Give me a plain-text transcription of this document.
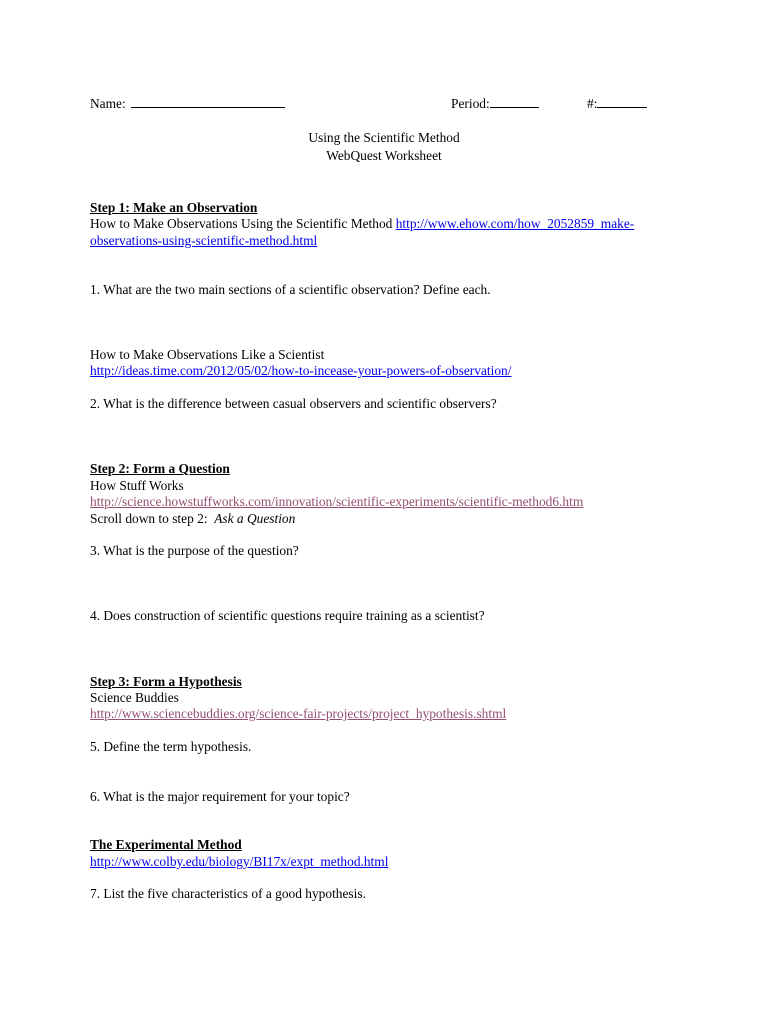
Name:	Period:	#:
Using the Scientific Method
WebQuest Worksheet
Step 1: Make an Observation
How to Make Observations Using the Scientific Method http://www.ehow.com/how_2052859_make-
observations-using-scientific-method.html
1. What are the two main sections of a scientific observation? Define each.
How to Make Observations Like a Scientist
http://ideas.time.com/2012/05/02/how-to-incease-your-powers-of-observation/
2. What is the difference between casual observers and scientific observers?
Step 2: Form a Question
How Stuff Works
http://science.howstuffworks.com/innovation/scientific-experiments/scientific-method6.htm
Scroll down to step 2: Ask a Question
3. What is the purpose of the question?
4. Does construction of scientific questions require training as a scientist?
Step 3: Form a Hypothesis
Science Buddies
http://www.sciencebuddies.org/science-fair-projects/project_hypothesis.shtml
5. Define the term hypothesis.
6. What is the major requirement for your topic?
The Experimental Method
http://www.colby.edu/biology/BI17x/expt_method.html
7. List the five characteristics of a good hypothesis.
